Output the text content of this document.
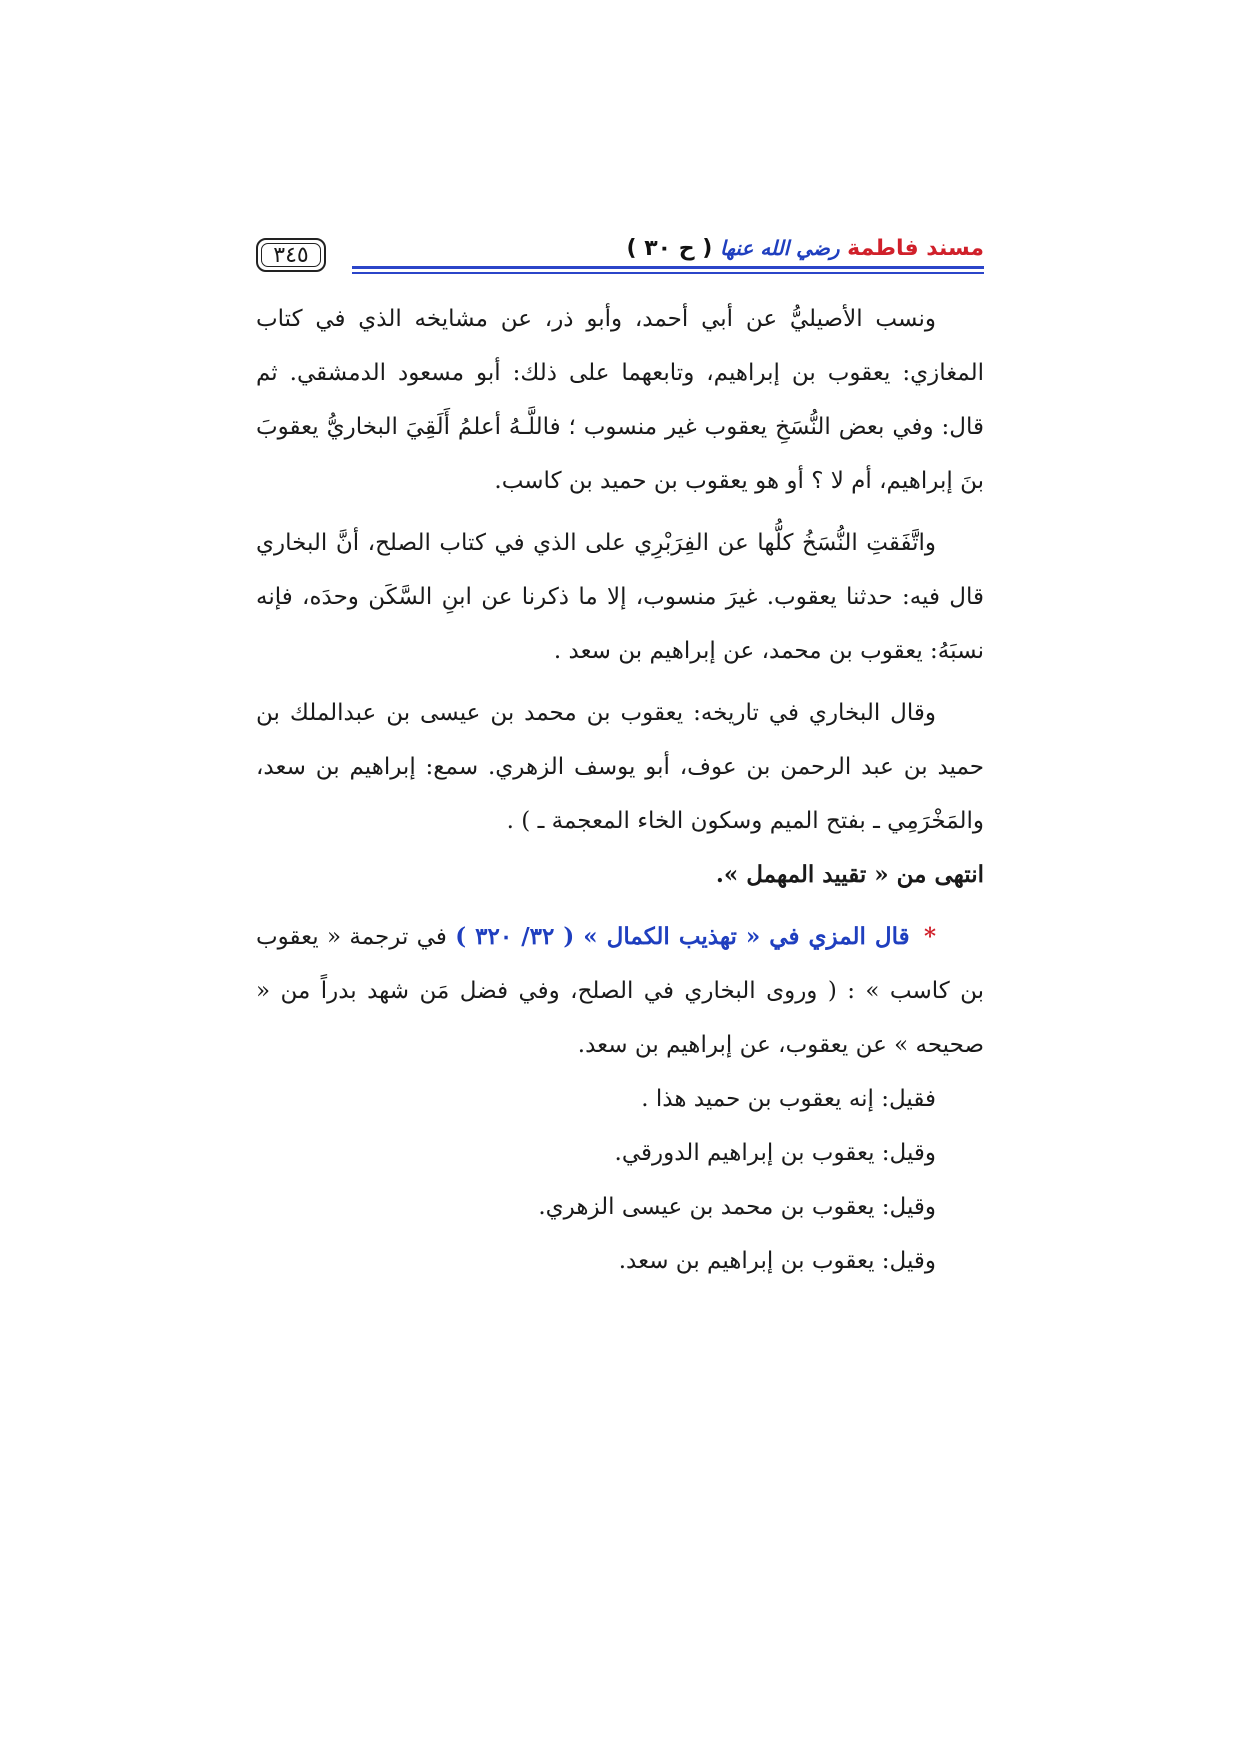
٣٤٥	مسند فاطمة رضي الله عنها ( ح ٣٠ )

ونسب الأصيليُّ عن أبي أحمد، وأبو ذر، عن مشايخه الذي في كتاب المغازي: يعقوب بن إبراهيم، وتابعهما على ذلك: أبو مسعود الدمشقي. ثم قال: وفي بعض النُّسَخِ يعقوب غير منسوب ؛ فاللَّـهُ أعلمُ أَلَقِيَ البخاريُّ يعقوبَ بنَ إبراهيم، أم لا ؟ أو هو يعقوب بن حميد بن كاسب.

واتَّفَقتِ النُّسَخُ كلُّها عن الفِرَبْرِي على الذي في كتاب الصلح، أنَّ البخاري قال فيه: حدثنا يعقوب. غيرَ منسوب، إلا ما ذكرنا عن ابنِ السَّكَن وحدَه، فإنه نسبَهُ: يعقوب بن محمد، عن إبراهيم بن سعد .

وقال البخاري في تاريخه: يعقوب بن محمد بن عيسى بن عبدالملك بن حميد بن عبد الرحمن بن عوف، أبو يوسف الزهري. سمع: إبراهيم بن سعد، والمَخْرَمِي ـ بفتح الميم وسكون الخاء المعجمة ـ ) .
انتهى من « تقييد المهمل ».

* قال المزي في « تهذيب الكمال » ( ٣٢/ ٣٢٠ ) في ترجمة « يعقوب بن كاسب » : ( وروى البخاري في الصلح، وفي فضل مَن شهد بدراً من « صحيحه » عن يعقوب، عن إبراهيم بن سعد.

فقيل: إنه يعقوب بن حميد هذا .

وقيل: يعقوب بن إبراهيم الدورقي.

وقيل: يعقوب بن محمد بن عيسى الزهري.

وقيل: يعقوب بن إبراهيم بن سعد.
